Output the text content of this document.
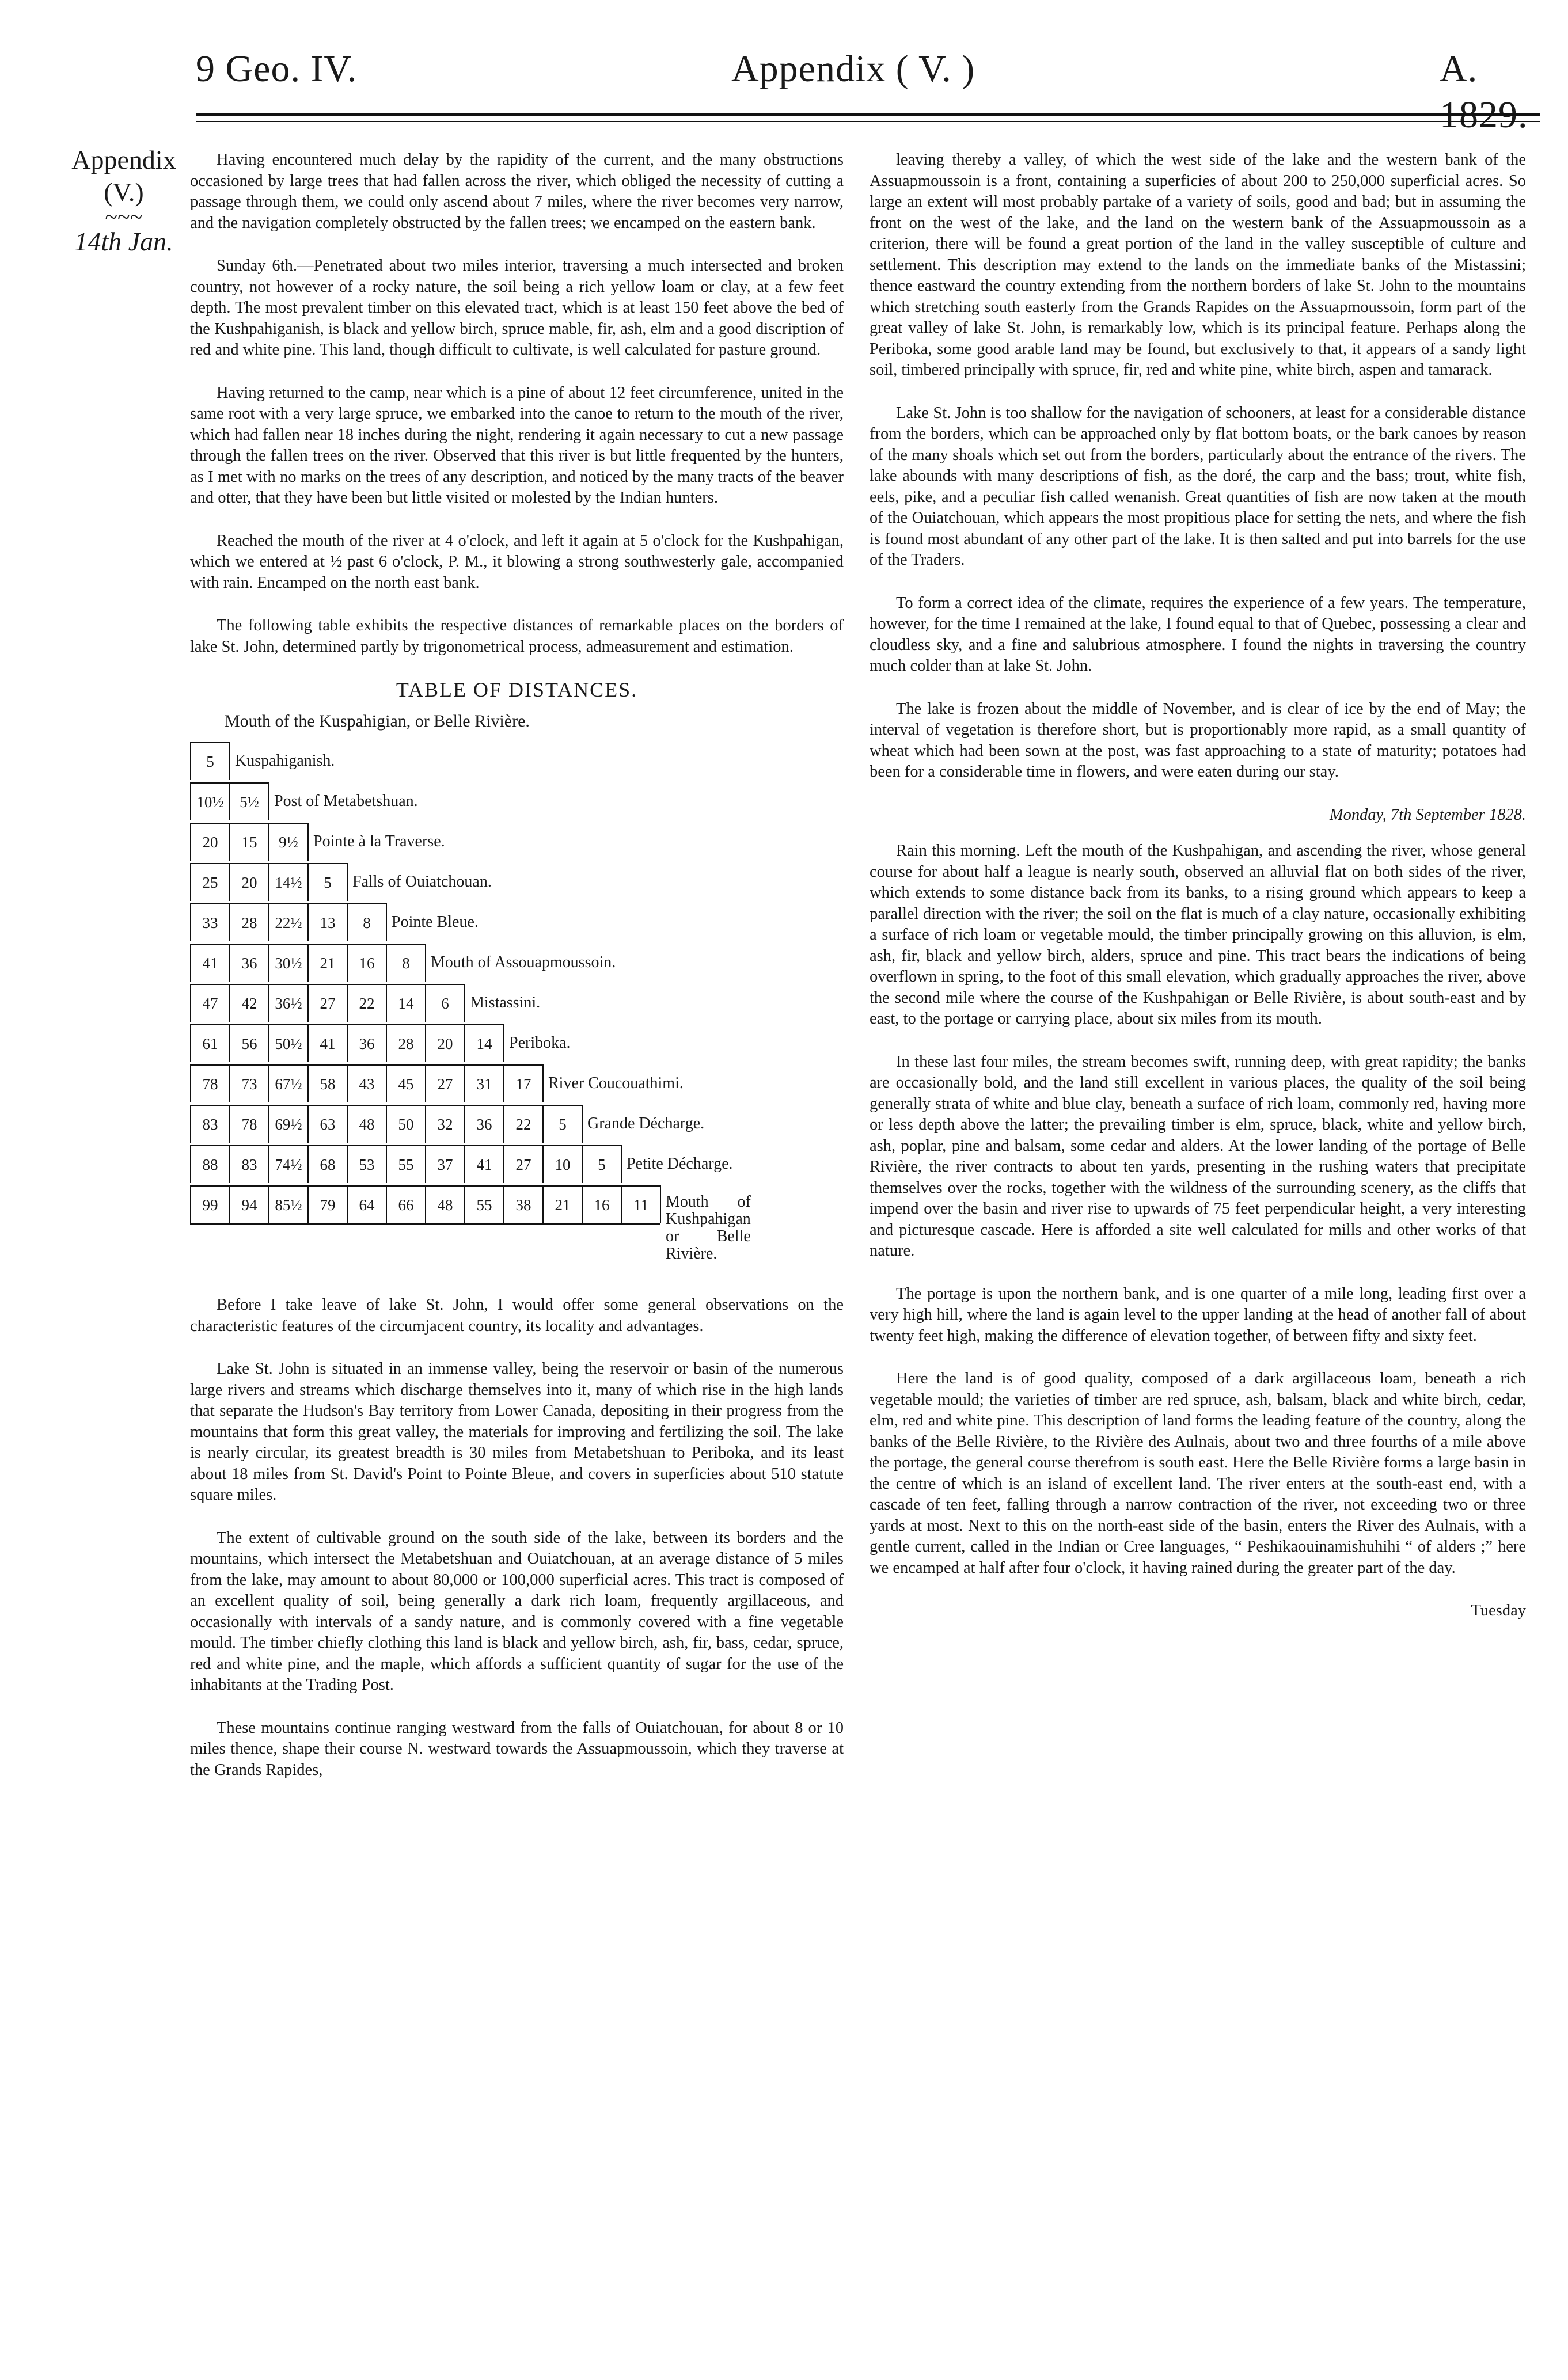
9 Geo. IV.	Appendix ( V. )	A. 1829.
Appendix
(V.)
~~~
14th Jan.

Having encountered much delay by the rapidity of the current, and the many obstructions occasioned by large trees that had fallen across the river, which obliged the necessity of cutting a passage through them, we could only ascend about 7 miles, where the river becomes very narrow, and the navigation completely obstructed by the fallen trees; we encamped on the eastern bank.

Sunday 6th.—Penetrated about two miles interior, traversing a much intersected and broken country, not however of a rocky nature, the soil being a rich yellow loam or clay, at a few feet depth. The most prevalent timber on this elevated tract, which is at least 150 feet above the bed of the Kushpahiganish, is black and yellow birch, spruce mable, fir, ash, elm and a good discription of red and white pine. This land, though difficult to cultivate, is well calculated for pasture ground.

Having returned to the camp, near which is a pine of about 12 feet circumference, united in the same root with a very large spruce, we embarked into the canoe to return to the mouth of the river, which had fallen near 18 inches during the night, rendering it again necessary to cut a new passage through the fallen trees on the river. Observed that this river is but little frequented by the hunters, as I met with no marks on the trees of any description, and noticed by the many tracts of the beaver and otter, that they have been but little visited or molested by the Indian hunters.

Reached the mouth of the river at 4 o'clock, and left it again at 5 o'clock for the Kushpahigan, which we entered at ½ past 6 o'clock, P. M., it blowing a strong southwesterly gale, accompanied with rain. Encamped on the north east bank.

The following table exhibits the respective distances of remarkable places on the borders of lake St. John, determined partly by trigonometrical process, admeasurement and estimation.

TABLE OF DISTANCES.
Mouth of the Kuspahigian, or Belle Rivière.
5	Kuspahiganish.
10½	5½ Post of Metabetshuan.
20	15	9½ Pointe à la Traverse.
25	20	14½	5	Falls of Ouiatchouan.
33	28	22½	13	8	Pointe Bleue.
41	36	30½	21	16	8	Mouth of Assouapmoussoin.
47	42	36½	27	22	14	6	Mistassini.
61	56	50½	41	36	28	20	14	Periboka.
78	73	67½	58	43	45	27	31	17	River Coucouathimi.
83	78	69½	63	48	50	32	36	22	5	Grande Décharge.
88	83	74½	68	53	55	37	41	27	10	5	Petite Décharge.
99	94	85½	79	64	66	48	55	38	21	16	11	Mouth of Kushpahigan or Belle Rivière.

Before I take leave of lake St. John, I would offer some general observations on the characteristic features of the circumjacent country, its locality and advantages.

Lake St. John is situated in an immense valley, being the reservoir or basin of the numerous large rivers and streams which discharge themselves into it, many of which rise in the high lands that separate the Hudson's Bay territory from Lower Canada, depositing in their progress from the mountains that form this great valley, the materials for improving and fertilizing the soil. The lake is nearly circular, its greatest breadth is 30 miles from Metabetshuan to Periboka, and its least about 18 miles from St. David's Point to Pointe Bleue, and covers in superficies about 510 statute square miles.

The extent of cultivable ground on the south side of the lake, between its borders and the mountains, which intersect the Metabetshuan and Ouiatchouan, at an average distance of 5 miles from the lake, may amount to about 80,000 or 100,000 superficial acres. This tract is composed of an excellent quality of soil, being generally a dark rich loam, frequently argillaceous, and occasionally with intervals of a sandy nature, and is commonly covered with a fine vegetable mould. The timber chiefly clothing this land is black and yellow birch, ash, fir, bass, cedar, spruce, red and white pine, and the maple, which affords a sufficient quantity of sugar for the use of the inhabitants at the Trading Post.

These mountains continue ranging westward from the falls of Ouiatchouan, for about 8 or 10 miles thence, shape their course N. westward towards the Assuapmoussoin, which they traverse at the Grands Rapides,

leaving thereby a valley, of which the west side of the lake and the western bank of the Assuapmoussoin is a front, containing a superficies of about 200 to 250,000 superficial acres. So large an extent will most probably partake of a variety of soils, good and bad; but in assuming the front on the west of the lake, and the land on the western bank of the Assuapmoussoin as a criterion, there will be found a great portion of the land in the valley susceptible of culture and settlement. This description may extend to the lands on the immediate banks of the Mistassini; thence eastward the country extending from the northern borders of lake St. John to the mountains which stretching south easterly from the Grands Rapides on the Assuapmoussoin, form part of the great valley of lake St. John, is remarkably low, which is its principal feature. Perhaps along the Periboka, some good arable land may be found, but exclusively to that, it appears of a sandy light soil, timbered principally with spruce, fir, red and white pine, white birch, aspen and tamarack.

Lake St. John is too shallow for the navigation of schooners, at least for a considerable distance from the borders, which can be approached only by flat bottom boats, or the bark canoes by reason of the many shoals which set out from the borders, particularly about the entrance of the rivers. The lake abounds with many descriptions of fish, as the doré, the carp and the bass; trout, white fish, eels, pike, and a peculiar fish called wenanish. Great quantities of fish are now taken at the mouth of the Ouiatchouan, which appears the most propitious place for setting the nets, and where the fish is found most abundant of any other part of the lake. It is then salted and put into barrels for the use of the Traders.

To form a correct idea of the climate, requires the experience of a few years. The temperature, however, for the time I remained at the lake, I found equal to that of Quebec, possessing a clear and cloudless sky, and a fine and salubrious atmosphere. I found the nights in traversing the country much colder than at lake St. John.

The lake is frozen about the middle of November, and is clear of ice by the end of May; the interval of vegetation is therefore short, but is proportionably more rapid, as a small quantity of wheat which had been sown at the post, was fast approaching to a state of maturity; potatoes had been for a considerable time in flowers, and were eaten during our stay.

Monday, 7th September 1828.

Rain this morning. Left the mouth of the Kushpahigan, and ascending the river, whose general course for about half a league is nearly south, observed an alluvial flat on both sides of the river, which extends to some distance back from its banks, to a rising ground which appears to keep a parallel direction with the river; the soil on the flat is much of a clay nature, occasionally exhibiting a surface of rich loam or vegetable mould, the timber principally growing on this alluvion, is elm, ash, fir, black and yellow birch, alders, spruce and pine. This tract bears the indications of being overflown in spring, to the foot of this small elevation, which gradually approaches the river, above the second mile where the course of the Kushpahigan or Belle Rivière, is about south-east and by east, to the portage or carrying place, about six miles from its mouth.

In these last four miles, the stream becomes swift, running deep, with great rapidity; the banks are occasionally bold, and the land still excellent in various places, the quality of the soil being generally strata of white and blue clay, beneath a surface of rich loam, commonly red, having more or less depth above the latter; the prevailing timber is elm, spruce, black, white and yellow birch, ash, poplar, pine and balsam, some cedar and alders. At the lower landing of the portage of Belle Rivière, the river contracts to about ten yards, presenting in the rushing waters that precipitate themselves over the rocks, together with the wildness of the surrounding scenery, as the cliffs that impend over the basin and river rise to upwards of 75 feet perpendicular height, a very interesting and picturesque cascade. Here is afforded a site well calculated for mills and other works of that nature.

The portage is upon the northern bank, and is one quarter of a mile long, leading first over a very high hill, where the land is again level to the upper landing at the head of another fall of about twenty feet high, making the difference of elevation together, of between fifty and sixty feet.

Here the land is of good quality, composed of a dark argillaceous loam, beneath a rich vegetable mould; the varieties of timber are red spruce, ash, balsam, black and white birch, cedar, elm, red and white pine. This description of land forms the leading feature of the country, along the banks of the Belle Rivière, to the Rivière des Aulnais, about two and three fourths of a mile above the portage, the general course therefrom is south east. Here the Belle Rivière forms a large basin in the centre of which is an island of excellent land. The river enters at the south-east end, with a cascade of ten feet, falling through a narrow contraction of the river, not exceeding two or three yards at most. Next to this on the north-east side of the basin, enters the River des Aulnais, with a gentle current, called in the Indian or Cree languages, “ Peshikaouinamishuhihi “ of alders ;” here we encamped at half after four o'clock, it having rained during the greater part of the day.

Tuesday
